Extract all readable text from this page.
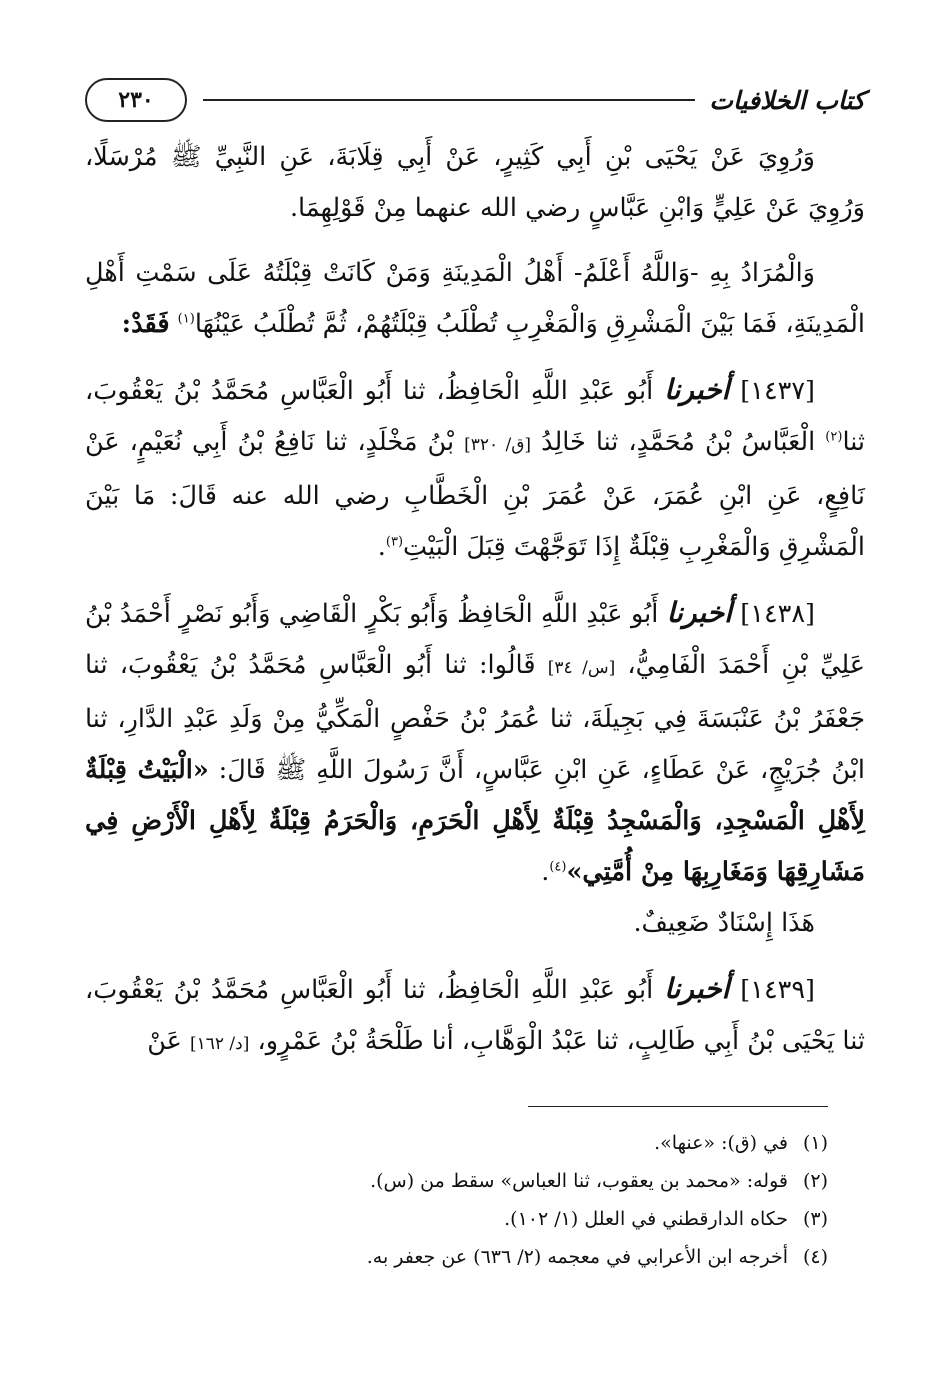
كتاب الخلافيات
٢٣٠

وَرُوِيَ عَنْ يَحْيَى بْنِ أَبِي كَثِيرٍ، عَنْ أَبِي قِلَابَةَ، عَنِ النَّبِيِّ ﷺ مُرْسَلًا، وَرُوِيَ عَنْ عَلِيٍّ وَابْنِ عَبَّاسٍ رضي الله عنهما مِنْ قَوْلِهِمَا.

وَالْمُرَادُ بِهِ -وَاللَّهُ أَعْلَمُ- أَهْلُ الْمَدِينَةِ وَمَنْ كَانَتْ قِبْلَتُهُ عَلَى سَمْتِ أَهْلِ الْمَدِينَةِ، فَمَا بَيْنَ الْمَشْرِقِ وَالْمَغْرِبِ تُطْلَبُ قِبْلَتُهُمْ، ثُمَّ تُطْلَبُ عَيْنُهَا$^{(١)}$ فَقَدْ:

[١٤٣٧] أخبرنا أَبُو عَبْدِ اللَّهِ الْحَافِظُ، ثنا أَبُو الْعَبَّاسِ مُحَمَّدُ بْنُ يَعْقُوبَ، ثنا$^{(٢)}$ الْعَبَّاسُ بْنُ مُحَمَّدٍ، ثنا خَالِدُ [ق/ ٣٢٠] بْنُ مَخْلَدٍ، ثنا نَافِعُ بْنُ أَبِي نُعَيْمٍ، عَنْ نَافِعٍ، عَنِ ابْنِ عُمَرَ، عَنْ عُمَرَ بْنِ الْخَطَّابِ رضي الله عنه قَالَ: مَا بَيْنَ الْمَشْرِقِ وَالْمَغْرِبِ قِبْلَةٌ إِذَا تَوَجَّهْتَ قِبَلَ الْبَيْتِ$^{(٣)}$.

[١٤٣٨] أخبرنا أَبُو عَبْدِ اللَّهِ الْحَافِظُ وَأَبُو بَكْرٍ الْقَاضِي وَأَبُو نَصْرٍ أَحْمَدُ بْنُ عَلِيِّ بْنِ أَحْمَدَ الْفَامِيُّ، [س/ ٣٤] قَالُوا: ثنا أَبُو الْعَبَّاسِ مُحَمَّدُ بْنُ يَعْقُوبَ، ثنا جَعْفَرُ بْنُ عَنْبَسَةَ فِي بَجِيلَةَ، ثنا عُمَرُ بْنُ حَفْصٍ الْمَكِّيُّ مِنْ وَلَدِ عَبْدِ الدَّارِ، ثنا ابْنُ جُرَيْجٍ، عَنْ عَطَاءٍ، عَنِ ابْنِ عَبَّاسٍ، أَنَّ رَسُولَ اللَّهِ ﷺ قَالَ: «الْبَيْتُ قِبْلَةٌ لِأَهْلِ الْمَسْجِدِ، وَالْمَسْجِدُ قِبْلَةٌ لِأَهْلِ الْحَرَمِ، وَالْحَرَمُ قِبْلَةٌ لِأَهْلِ الْأَرْضِ فِي مَشَارِقِهَا وَمَغَارِبِهَا مِنْ أُمَّتِي»$^{(٤)}$.
هَذَا إِسْنَادٌ ضَعِيفٌ.

[١٤٣٩] أخبرنا أَبُو عَبْدِ اللَّهِ الْحَافِظُ، ثنا أَبُو الْعَبَّاسِ مُحَمَّدُ بْنُ يَعْقُوبَ، ثنا يَحْيَى بْنُ أَبِي طَالِبٍ، ثنا عَبْدُ الْوَهَّابِ، أنا طَلْحَةُ بْنُ عَمْرٍو، [د/ ١٦٢] عَنْ

(١)
في (ق): «عنها».
(٢)
قوله: «محمد بن يعقوب، ثنا العباس» سقط من (س).
(٣)
حكاه الدارقطني في العلل (١/ ١٠٢).
(٤)
أخرجه ابن الأعرابي في معجمه (٢/ ٦٣٦) عن جعفر به.
